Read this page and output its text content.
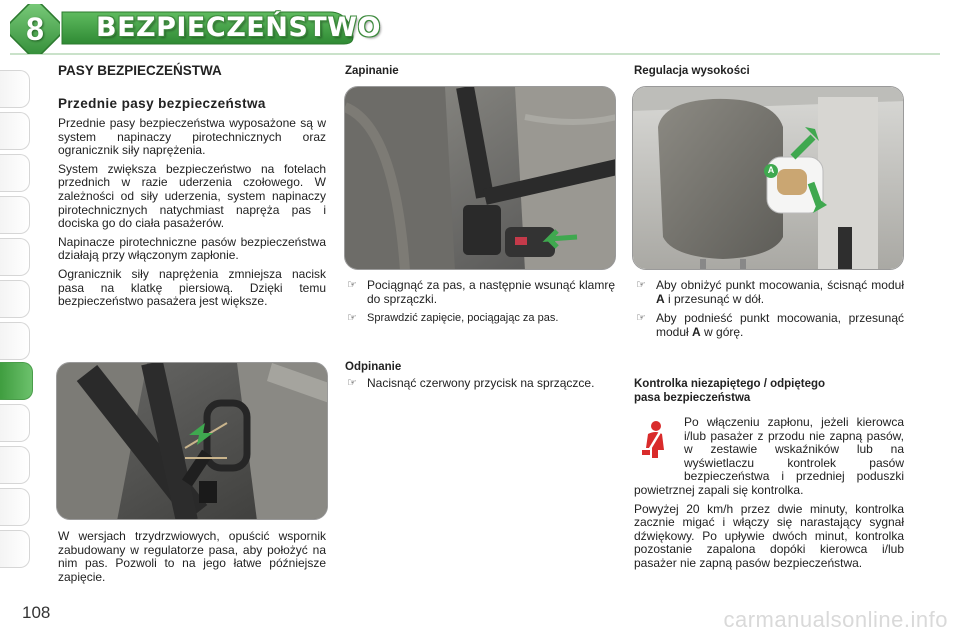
8	BEZPIECZEŃSTWO
PASY BEZPIECZEŃSTWA
Przednie pasy bezpieczeństwa

Przednie pasy bezpieczeństwa wyposażone są w system napinaczy pirotechnicznych oraz ogranicznik siły naprężenia.

System zwiększa bezpieczeństwo na fotelach przednich w razie uderzenia czołowego. W zależności od siły uderzenia, system napinaczy pirotechnicznych natychmiast napręża pas i dociska go do ciała pasażerów.

Napinacze pirotechniczne pasów bezpieczeństwa działają przy włączonym zapłonie.

Ogranicznik siły naprężenia zmniejsza nacisk pasa na klatkę piersiową. Dzięki temu bezpieczeństwo pasażera jest większe.

W wersjach trzydrzwiowych, opuścić wspornik zabudowany w regulatorze pasa, aby położyć na nim pas. Pozwoli to na jego łatwe późniejsze zapięcie.

108
Zapinanie
☞ Pociągnąć za pas, a następnie wsunąć klamrę do sprzączki.
☞ Sprawdzić zapięcie, pociągając za pas.
Odpinanie
☞ Nacisnąć czerwony przycisk na sprzączce.
Regulacja wysokości
A
☞ Aby obniżyć punkt mocowania, ścisnąć moduł A i przesunąć w dół.
☞ Aby podnieść punkt mocowania, przesunąć moduł A w górę.
Kontrolka niezapiętego / odpiętego
pasa bezpieczeństwa

Po włączeniu zapłonu, jeżeli kierowca i/lub pasażer z przodu nie zapną pasów, w zestawie wskaźników lub na wyświetlaczu kontrolek pasów bezpieczeństwa i przedniej poduszki powietrznej zapali się kontrolka.

Powyżej 20 km/h przez dwie minuty, kontrolka zacznie migać i włączy się narastający sygnał dźwiękowy. Po upływie dwóch minut, kontrolka pozostanie zapalona dopóki kierowca i/lub pasażer nie zapną pasów bezpieczeństwa.

carmanualsonline.info
